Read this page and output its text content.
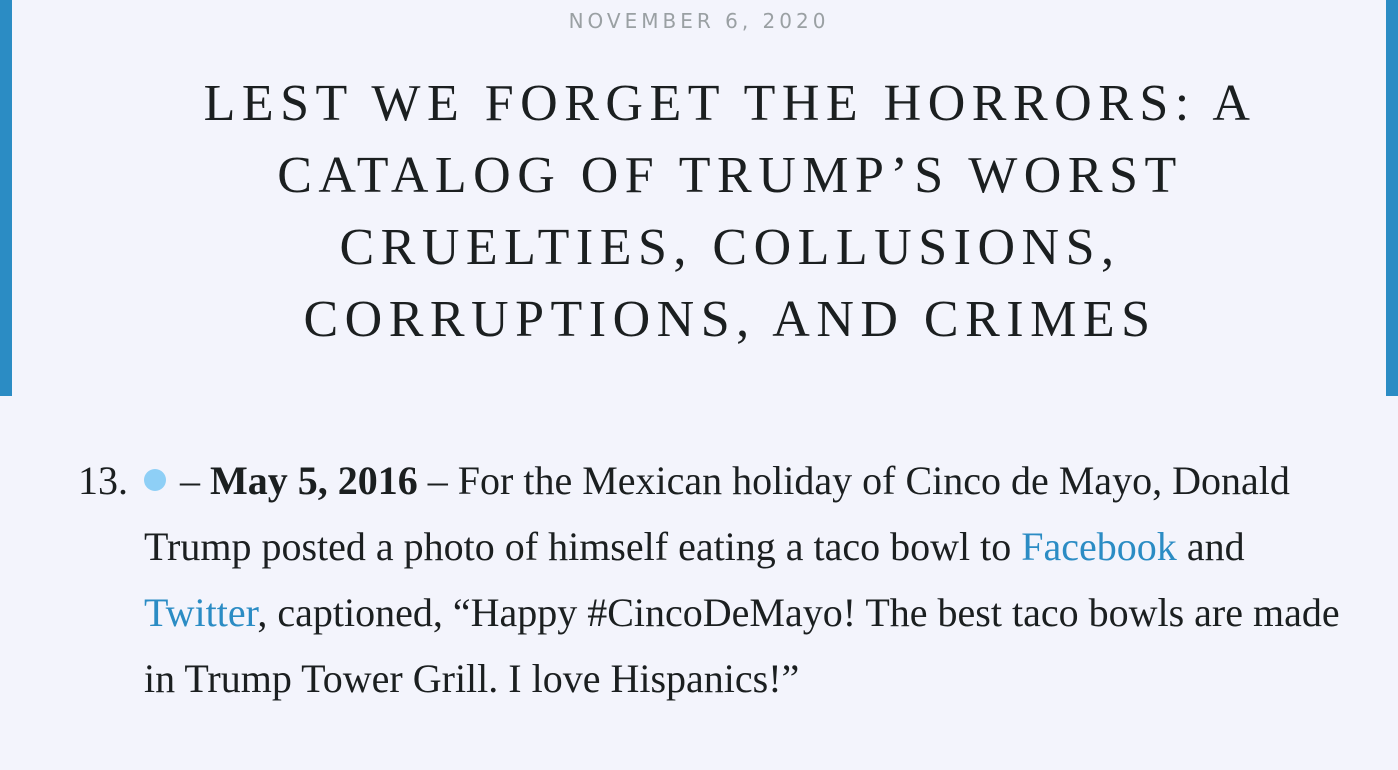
NOVEMBER 6, 2020
LEST WE FORGET THE HORRORS: A CATALOG OF TRUMP’S WORST CRUELTIES, COLLUSIONS, CORRUPTIONS, AND CRIMES
13.	– May 5, 2016 – For the Mexican holiday of Cinco de Mayo, Donald Trump posted a photo of himself eating a taco bowl to Facebook and Twitter, captioned, “Happy #CincoDeMayo! The best taco bowls are made in Trump Tower Grill. I love Hispanics!”
